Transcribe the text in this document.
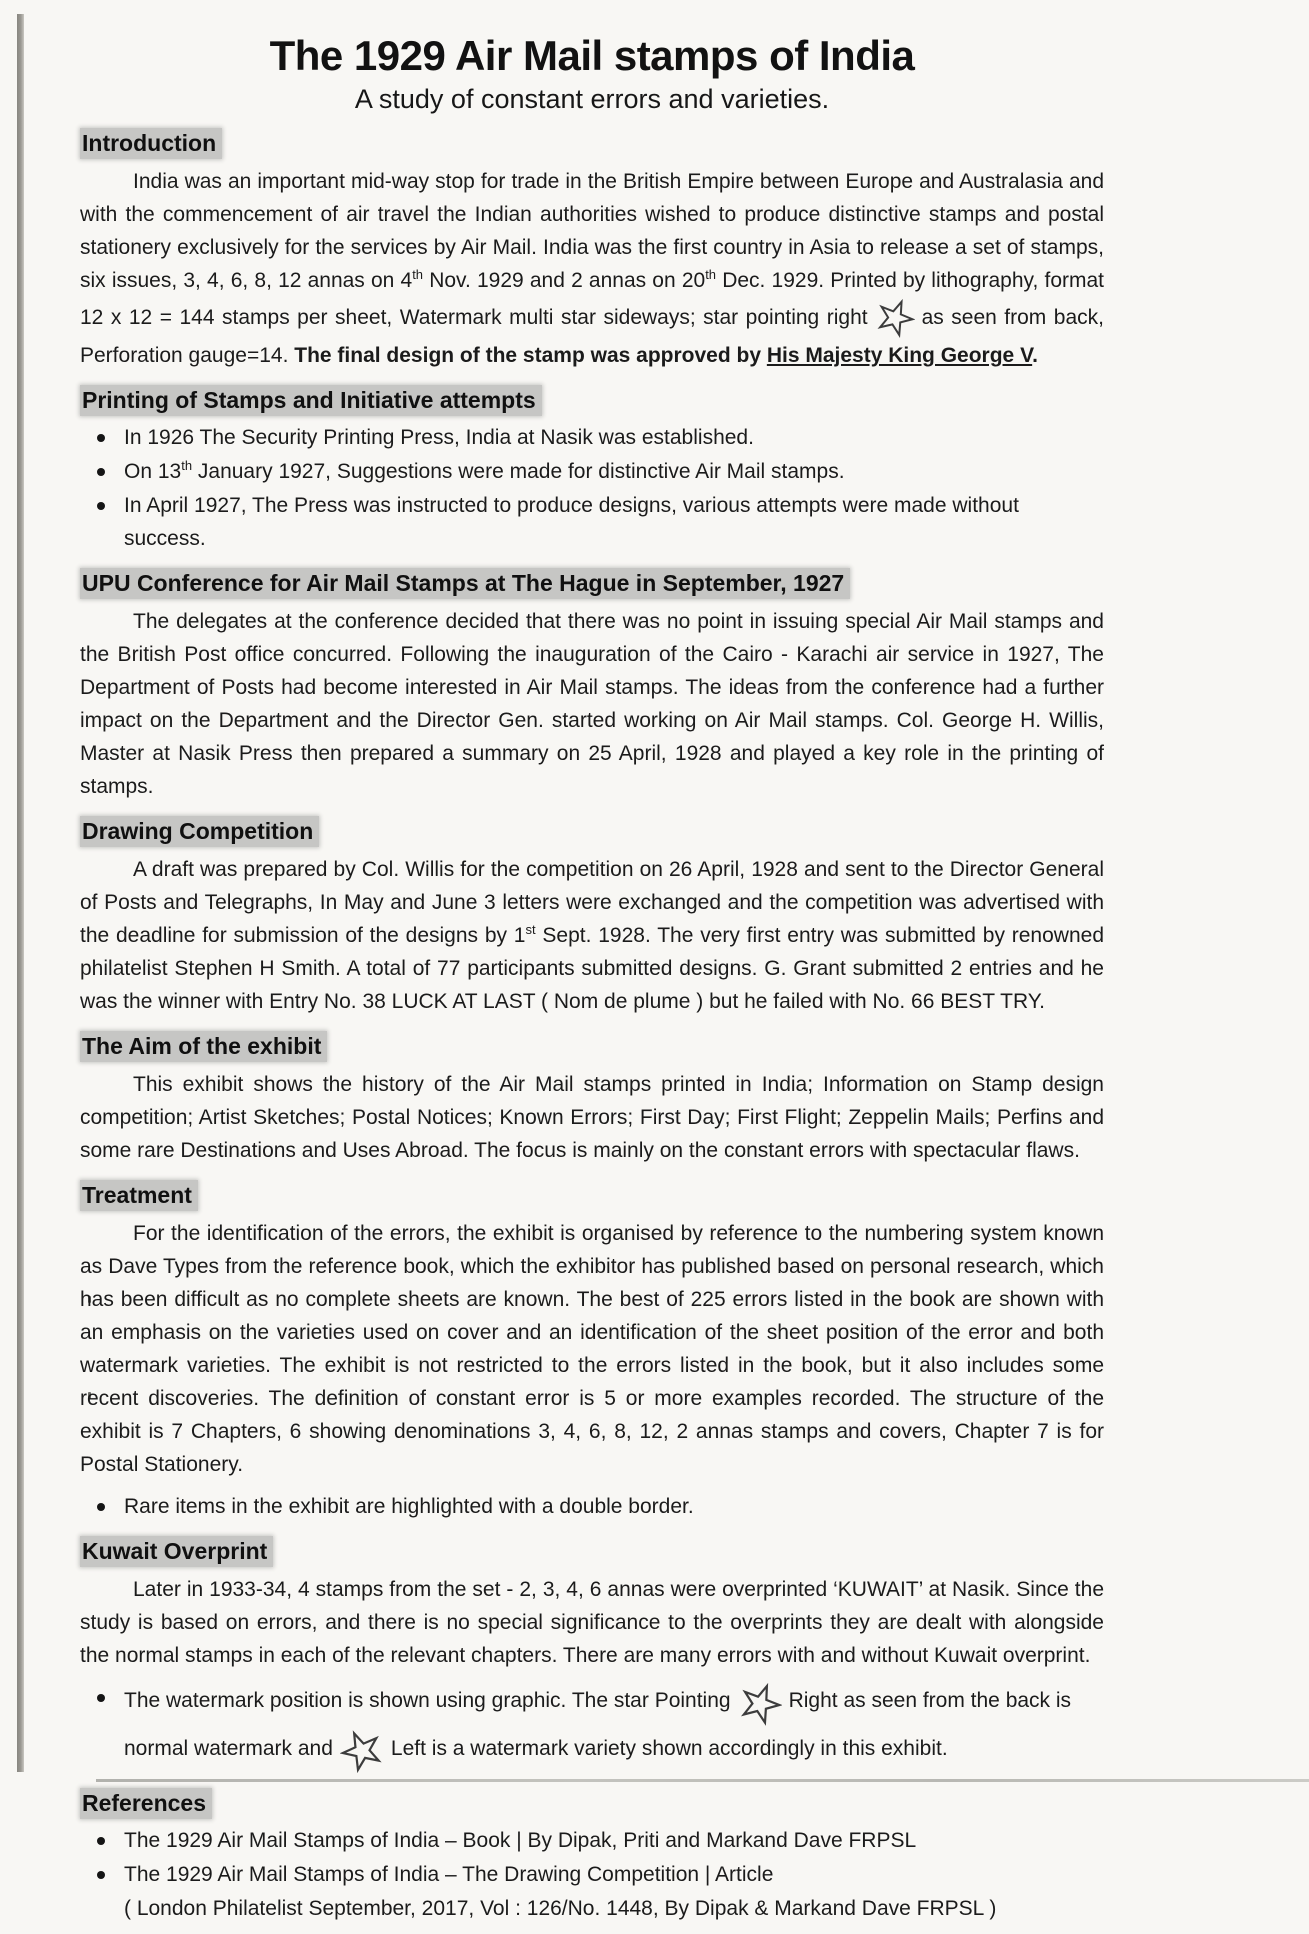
The 1929 Air Mail stamps of India
A study of constant errors and varieties.
Introduction

India was an important mid-way stop for trade in the British Empire between Europe and Australasia and with the commencement of air travel the Indian authorities wished to produce distinctive stamps and postal stationery exclusively for the services by Air Mail. India was the first country in Asia to release a set of stamps, six issues, 3, 4, 6, 8, 12 annas on 4th Nov. 1929 and 2 annas on 20th Dec. 1929. Printed by lithography, format 12 x 12 = 144 stamps per sheet, Watermark multi star sideways; star pointing right	as seen from back, Perforation gauge=14. The final design of the stamp was approved by His Majesty King George V.

Printing of Stamps and Initiative attempts
In 1926 The Security Printing Press, India at Nasik was established.
On 13th January 1927, Suggestions were made for distinctive Air Mail stamps.
In April 1927, The Press was instructed to produce designs, various attempts were made without success.
UPU Conference for Air Mail Stamps at The Hague in September, 1927

The delegates at the conference decided that there was no point in issuing special Air Mail stamps and the British Post office concurred. Following the inauguration of the Cairo - Karachi air service in 1927, The Department of Posts had become interested in Air Mail stamps. The ideas from the conference had a further impact on the Department and the Director Gen. started working on Air Mail stamps. Col. George H. Willis, Master at Nasik Press then prepared a summary on 25 April, 1928 and played a key role in the printing of stamps.

Drawing Competition

A draft was prepared by Col. Willis for the competition on 26 April, 1928 and sent to the Director General of Posts and Telegraphs, In May and June 3 letters were exchanged and the competition was advertised with the deadline for submission of the designs by 1st Sept. 1928. The very first entry was submitted by renowned philatelist Stephen H Smith. A total of 77 participants submitted designs. G. Grant submitted 2 entries and he was the winner with Entry No. 38 LUCK AT LAST ( Nom de plume ) but he failed with No. 66 BEST TRY.

The Aim of the exhibit

This exhibit shows the history of the Air Mail stamps printed in India; Information on Stamp design competition; Artist Sketches; Postal Notices; Known Errors; First Day; First Flight; Zeppelin Mails; Perfins and some rare Destinations and Uses Abroad. The focus is mainly on the constant errors with spectacular flaws.

Treatment

For the identification of the errors, the exhibit is organised by reference to the numbering system known as Dave Types from the reference book, which the exhibitor has published based on personal research, which has been difficult as no complete sheets are known. The best of 225 errors listed in the book are shown with an emphasis on the varieties used on cover and an identification of the sheet position of the error and both watermark varieties. The exhibit is not restricted to the errors listed in the book, but it also includes some recent discoveries. The definition of constant error is 5 or more examples recorded. The structure of the exhibit is 7 Chapters, 6 showing denominations 3, 4, 6, 8, 12, 2 annas stamps and covers, Chapter 7 is for Postal Stationery.

Rare items in the exhibit are highlighted with a double border.
Kuwait Overprint

Later in 1933-34, 4 stamps from the set - 2, 3, 4, 6 annas were overprinted ‘KUWAIT’ at Nasik. Since the study is based on errors, and there is no special significance to the overprints they are dealt with alongside the normal stamps in each of the relevant chapters. There are many errors with and without Kuwait overprint.

The watermark position is shown using graphic. The star Pointing	Right as seen from the back is normal watermark and	Left is a watermark variety shown accordingly in this exhibit.
References
The 1929 Air Mail Stamps of India – Book | By Dipak, Priti and Markand Dave FRPSL
The 1929 Air Mail Stamps of India – The Drawing Competition | Article
( London Philatelist September, 2017, Vol : 126/No. 1448, By Dipak & Markand Dave FRPSL )
